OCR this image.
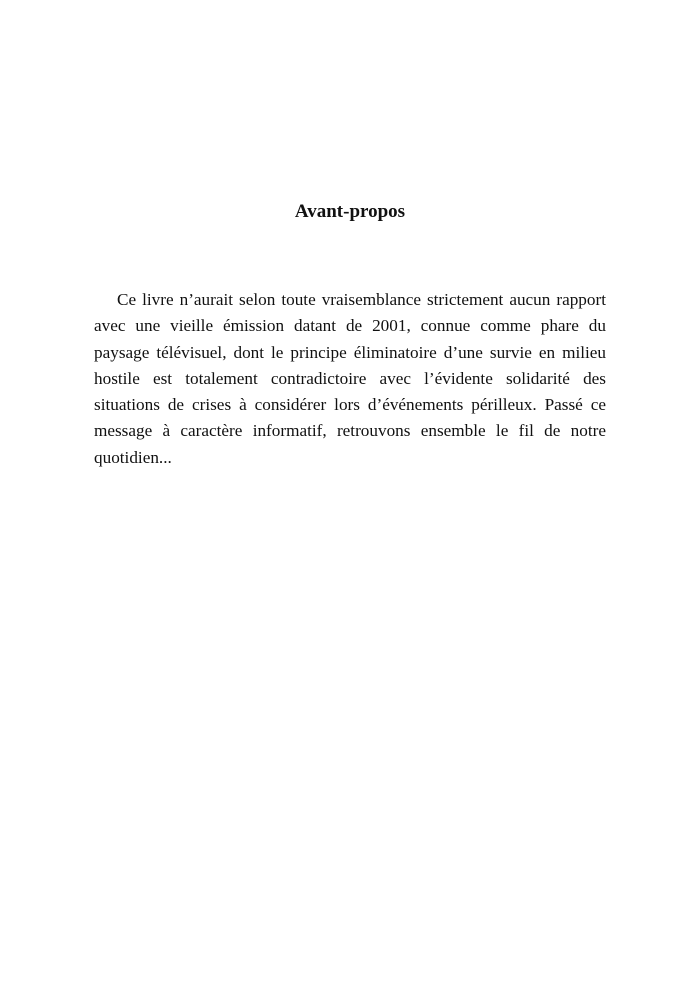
Avant-propos

Ce livre n’aurait selon toute vraisemblance strictement aucun rapport avec une vieille émission datant de 2001, connue comme phare du paysage télévisuel, dont le principe éliminatoire d’une survie en milieu hostile est totalement contradictoire avec l’évidente solidarité des situations de crises à considérer lors d’événements périlleux. Passé ce message à caractère informatif, retrouvons ensemble le fil de notre quotidien...
